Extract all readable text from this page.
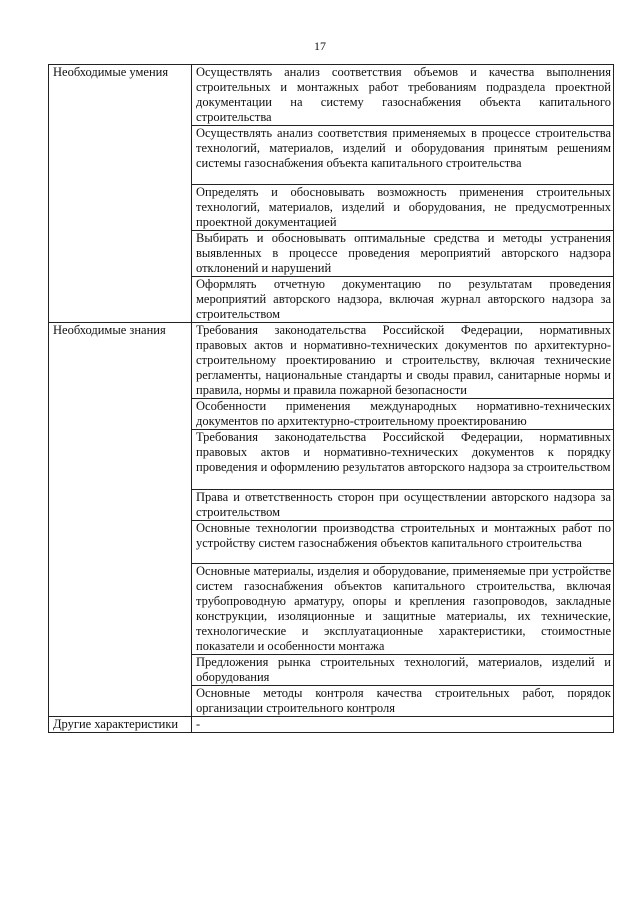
17
Необходимые умения	Осуществлять анализ соответствия объемов и качества выполнения строительных и монтажных работ требованиям подраздела проектной документации на систему газоснабжения объекта капитального строительства
	Осуществлять анализ соответствия применяемых в процессе строительства технологий, материалов, изделий и оборудования принятым решениям системы газоснабжения объекта капитального строительства
	Определять и обосновывать возможность применения строительных технологий, материалов, изделий и оборудования, не предусмотренных проектной документацией
	Выбирать и обосновывать оптимальные средства и методы устранения выявленных в процессе проведения мероприятий авторского надзора отклонений и нарушений
	Оформлять отчетную документацию по результатам проведения мероприятий авторского надзора, включая журнал авторского надзора за строительством
Необходимые знания	Требования законодательства Российской Федерации, нормативных правовых актов и нормативно-технических документов по архитектурно-строительному проектированию и строительству, включая технические регламенты, национальные стандарты и своды правил, санитарные нормы и правила, нормы и правила пожарной безопасности
	Особенности применения международных нормативно-технических документов по архитектурно-строительному проектированию
	Требования законодательства Российской Федерации, нормативных правовых актов и нормативно-технических документов к порядку проведения и оформлению результатов авторского надзора за строительством
	Права и ответственность сторон при осуществлении авторского надзора за строительством
	Основные технологии производства строительных и монтажных работ по устройству систем газоснабжения объектов капитального строительства
	Основные материалы, изделия и оборудование, применяемые при устройстве систем газоснабжения объектов капитального строительства, включая трубопроводную арматуру, опоры и крепления газопроводов, закладные конструкции, изоляционные и защитные материалы, их технические, технологические и эксплуатационные характеристики, стоимостные показатели и особенности монтажа
	Предложения рынка строительных технологий, материалов, изделий и оборудования
	Основные методы контроля качества строительных работ, порядок организации строительного контроля
Другие характеристики	-
